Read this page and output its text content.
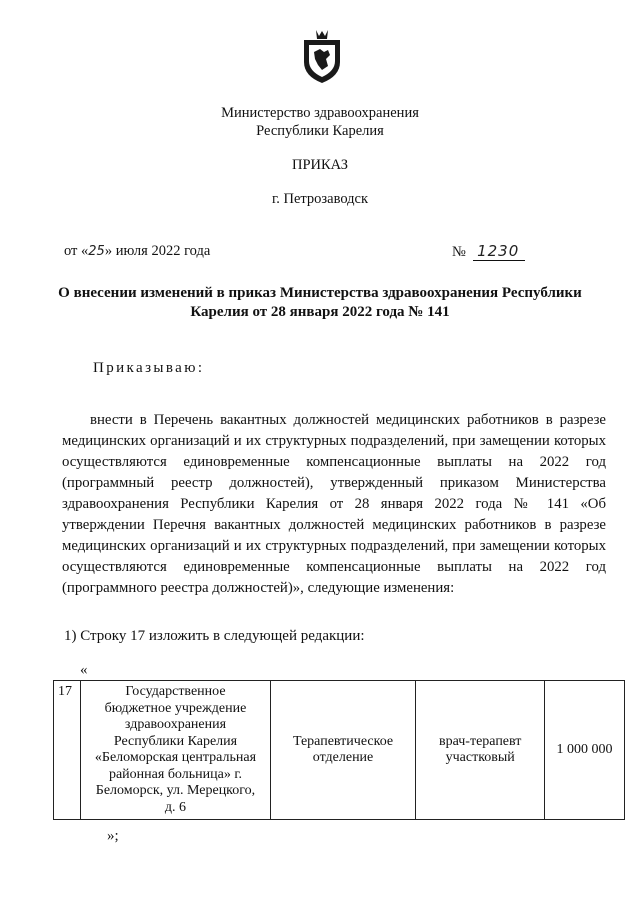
Министерство здравоохранения
Республики Карелия
ПРИКАЗ
г. Петрозаводск
от «25» июля 2022 года	№ 1230
О внесении изменений в приказ Министерства здравоохранения Республики
Карелия от 28 января 2022 года № 141
Приказываю:

внести в Перечень вакантных должностей медицинских работников в разрезе медицинских организаций и их структурных подразделений, при замещении которых осуществляются единовременные компенсационные выплаты на 2022 год (программный реестр должностей), утвержденный приказом Министерства здравоохранения Республики Карелия от 28 января 2022 года № 141 «Об утверждении Перечня вакантных должностей медицинских работников в разрезе медицинских организаций и их структурных подразделений, при замещении которых осуществляются единовременные компенсационные выплаты на 2022 год (программного реестра должностей)», следующие изменения:

1) Строку 17 изложить в следующей редакции:
«
17	Государственное
бюджетное учреждение
здравоохранения
Республики Карелия
«Беломорская центральная
районная больница» г.
Беломорск, ул. Мерецкого,
д. 6

Терапевтическое
отделение

врач-терапевт
участковый
	1 000 000
»;
